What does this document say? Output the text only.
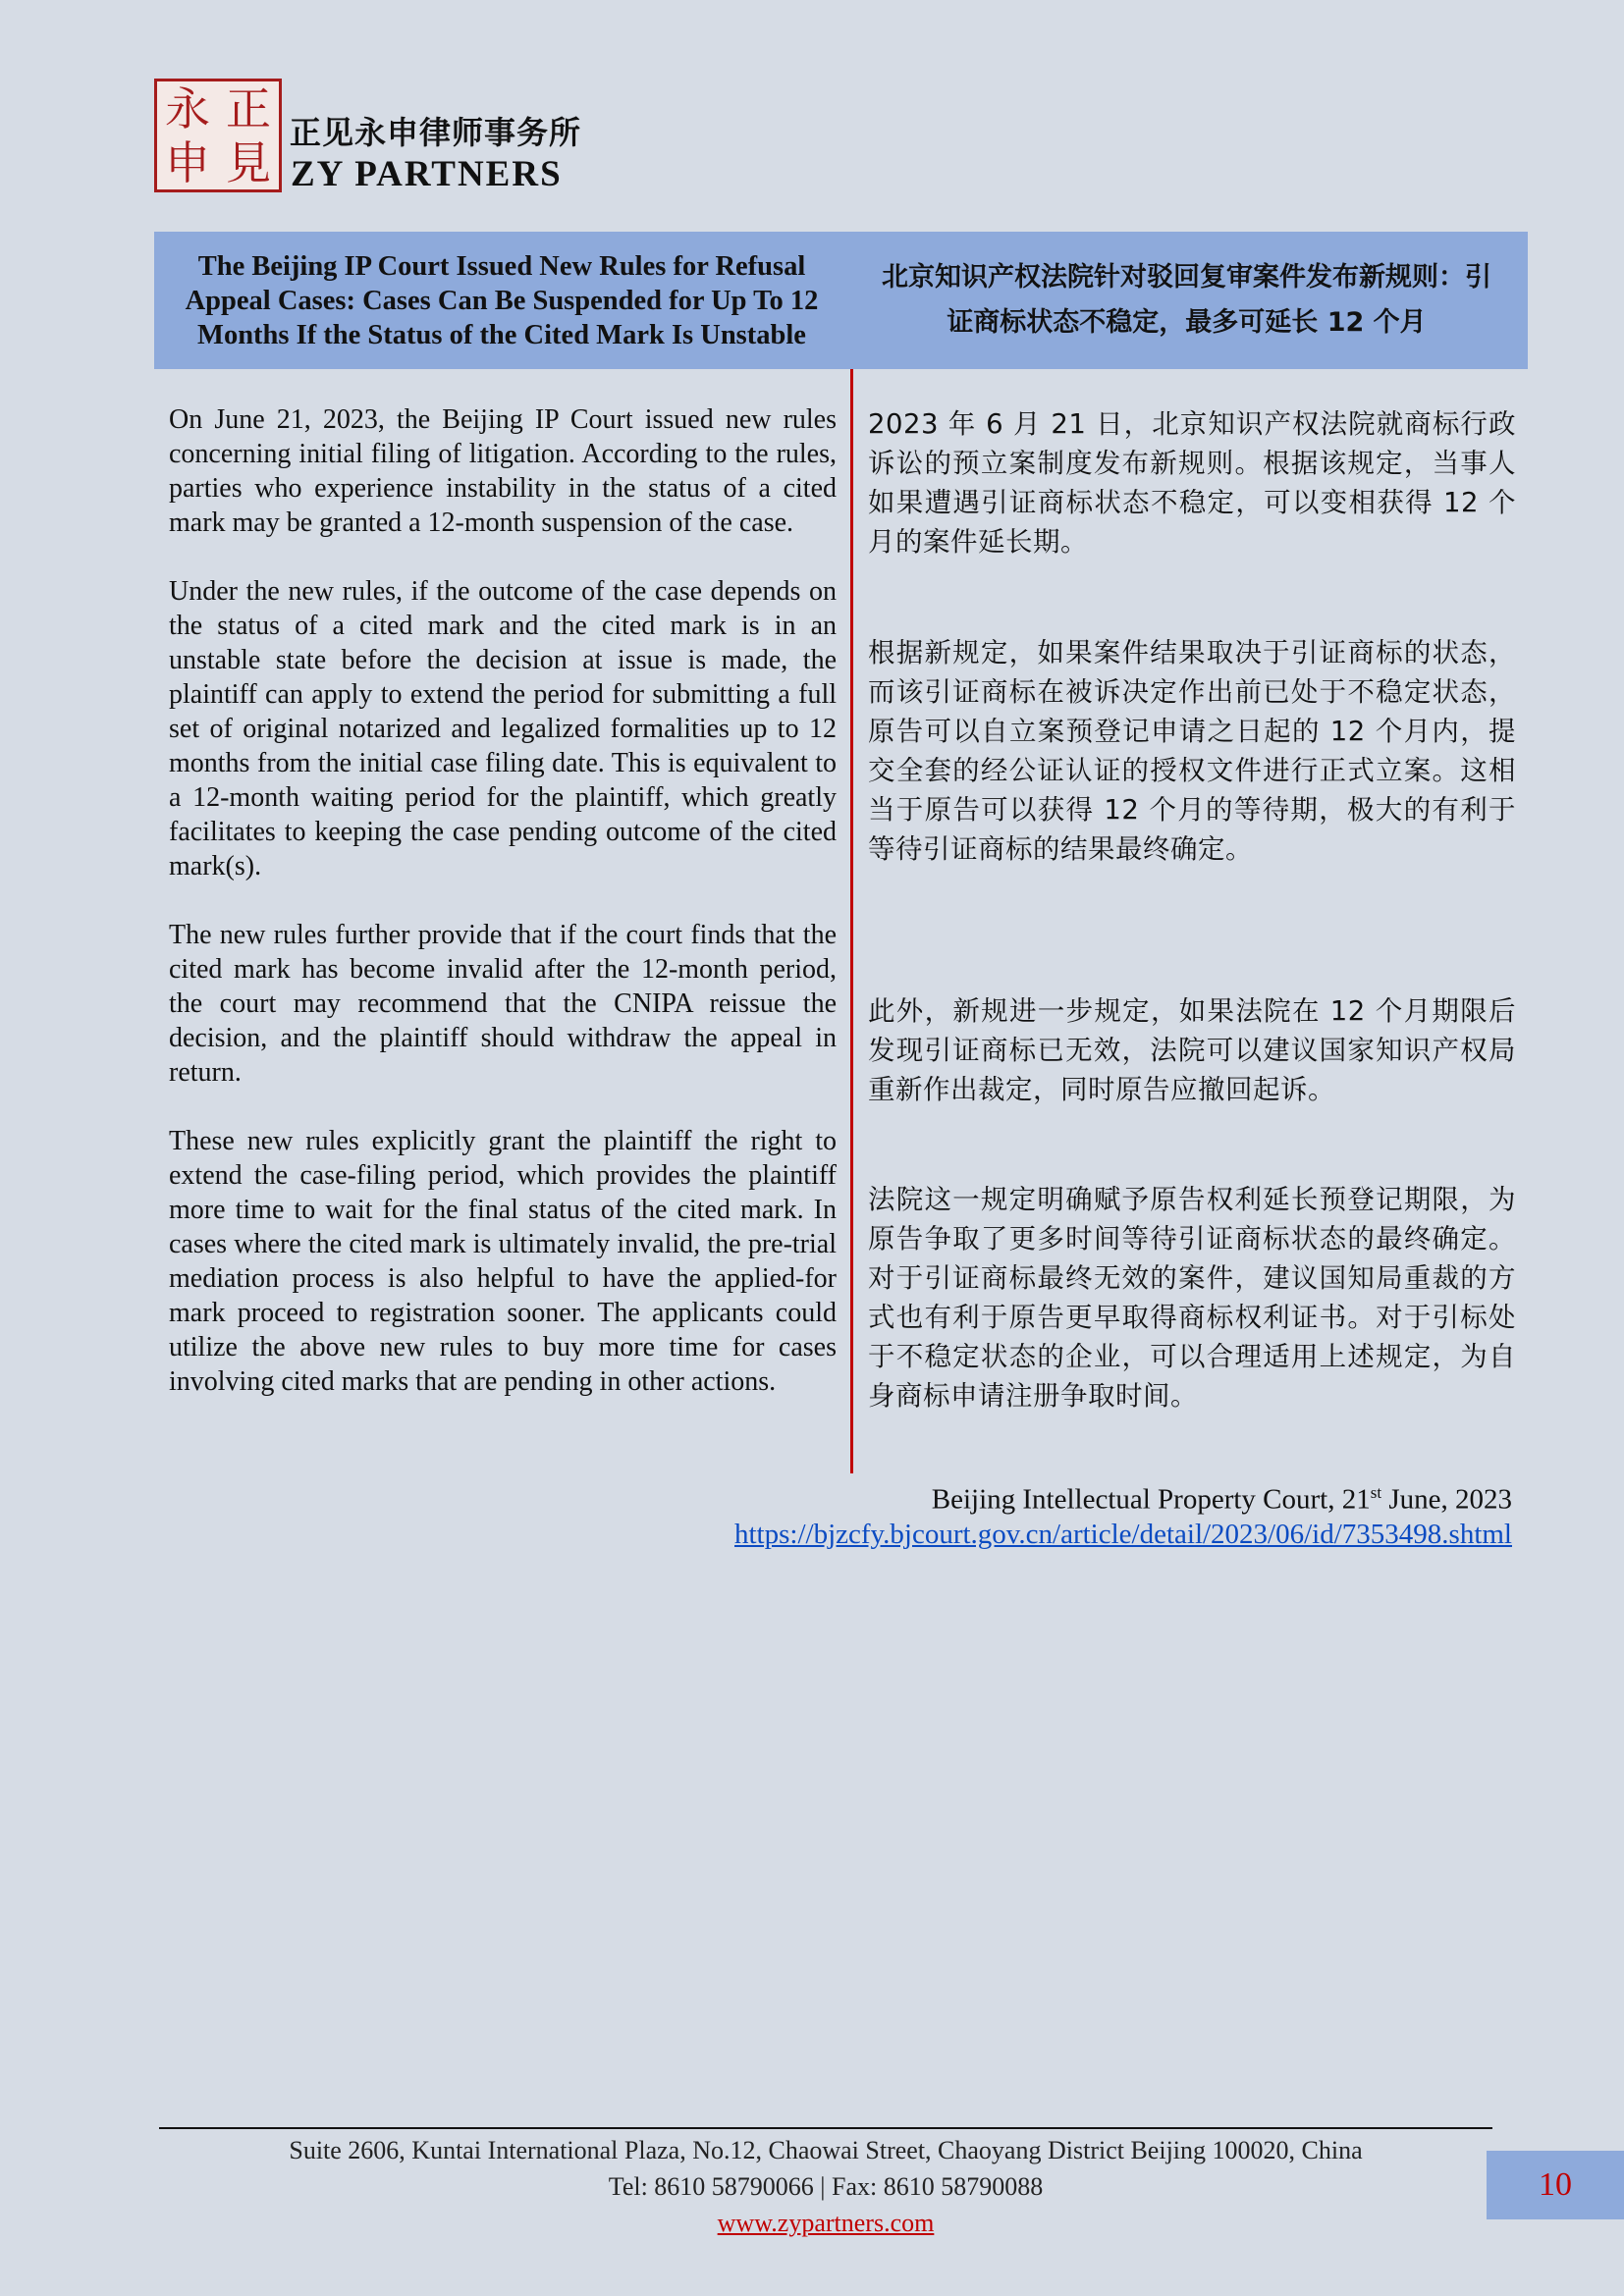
永 正
申 見
正见永申律师事务所
ZY PARTNERS
The Beijing IP Court Issued New Rules for Refusal Appeal Cases: Cases Can Be Suspended for Up To 12 Months If the Status of the Cited Mark Is Unstable
北京知识产权法院针对驳回复审案件发布新规则：引证商标状态不稳定，最多可延长 12 个月

On June 21, 2023, the Beijing IP Court issued new rules concerning initial filing of litigation. According to the rules, parties who experience instability in the status of a cited mark may be granted a 12-month suspension of the case.

Under the new rules, if the outcome of the case depends on the status of a cited mark and the cited mark is in an unstable state before the decision at issue is made, the plaintiff can apply to extend the period for submitting a full set of original notarized and legalized formalities up to 12 months from the initial case filing date. This is equivalent to a 12-month waiting period for the plaintiff, which greatly facilitates to keeping the case pending outcome of the cited mark(s).

The new rules further provide that if the court finds that the cited mark has become invalid after the 12-month period, the court may recommend that the CNIPA reissue the decision, and the plaintiff should withdraw the appeal in return.

These new rules explicitly grant the plaintiff the right to extend the case-filing period, which provides the plaintiff more time to wait for the final status of the cited mark. In cases where the cited mark is ultimately invalid, the pre-trial mediation process is also helpful to have the applied-for mark proceed to registration sooner. The applicants could utilize the above new rules to buy more time for cases involving cited marks that are pending in other actions.

2023 年 6 月 21 日，北京知识产权法院就商标行政诉讼的预立案制度发布新规则。根据该规定，当事人如果遭遇引证商标状态不稳定，可以变相获得 12 个月的案件延长期。
根据新规定，如果案件结果取决于引证商标的状态，而该引证商标在被诉决定作出前已处于不稳定状态，原告可以自立案预登记申请之日起的 12 个月内，提交全套的经公证认证的授权文件进行正式立案。这相当于原告可以获得 12 个月的等待期，极大的有利于等待引证商标的结果最终确定。
此外，新规进一步规定，如果法院在 12 个月期限后发现引证商标已无效，法院可以建议国家知识产权局重新作出裁定，同时原告应撤回起诉。
法院这一规定明确赋予原告权利延长预登记期限，为原告争取了更多时间等待引证商标状态的最终确定。对于引证商标最终无效的案件，建议国知局重裁的方式也有利于原告更早取得商标权利证书。对于引标处于不稳定状态的企业，可以合理适用上述规定，为自身商标申请注册争取时间。
Beijing Intellectual Property Court, 21st June, 2023
https://bjzcfy.bjcourt.gov.cn/article/detail/2023/06/id/7353498.shtml
Suite 2606, Kuntai International Plaza, No.12, Chaowai Street, Chaoyang District Beijing 100020, China
Tel: 8610 58790066 | Fax: 8610 58790088
www.zypartners.com
10
